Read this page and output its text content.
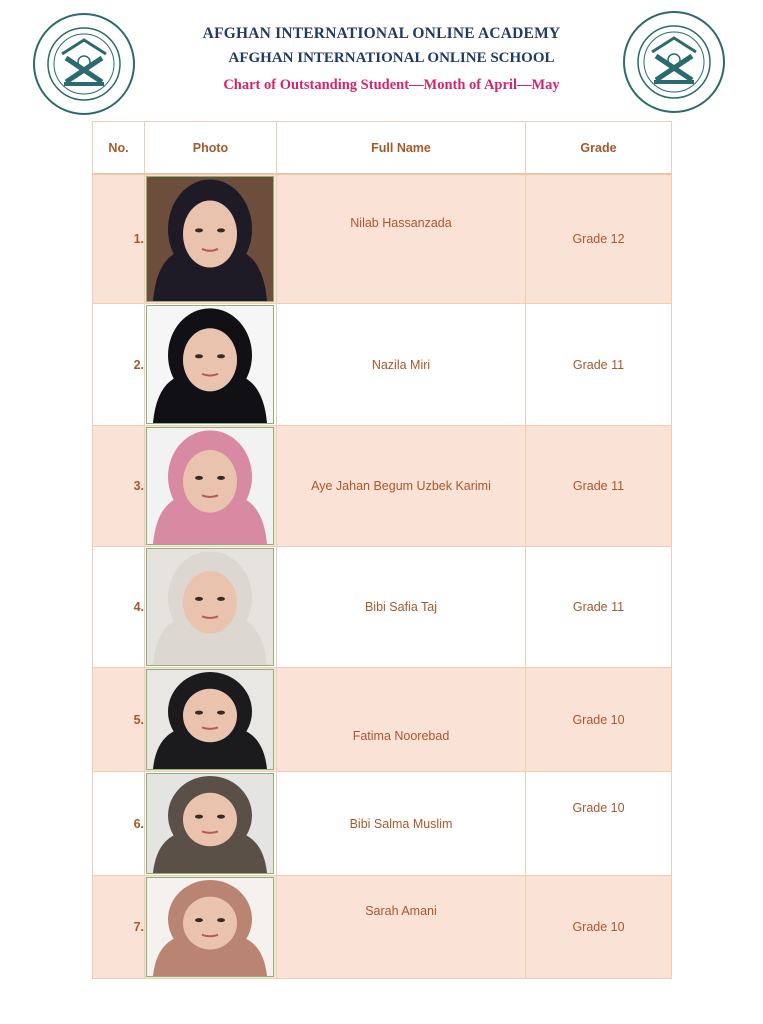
AFGHAN INTERNATIONAL ONLINE ACADEMY
AFGHAN INTERNATIONAL ONLINE SCHOOL
Chart of Outstanding Student—Month of April—May
No.	Photo	Full Name	Grade
1.		Nilab Hassanzada	Grade 12
2.		Nazila Miri	Grade 11
3.		Aye Jahan Begum Uzbek Karimi	Grade 11
4.		Bibi Safia Taj	Grade 11
5.		Fatima Noorebad	Grade 10
6.		Bibi Salma Muslim	Grade 10
7.		Sarah Amani	Grade 10
